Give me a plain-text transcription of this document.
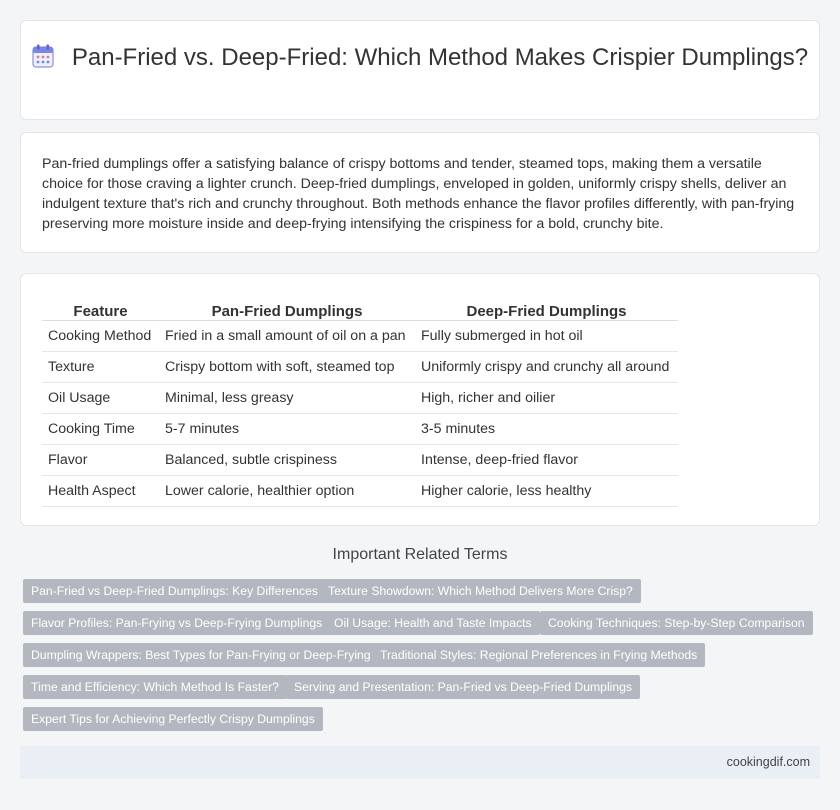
Pan-Fried vs. Deep-Fried: Which Method Makes Crispier Dumplings?

Pan-fried dumplings offer a satisfying balance of crispy bottoms and tender, steamed tops, making them a versatile choice for those craving a lighter crunch. Deep-fried dumplings, enveloped in golden, uniformly crispy shells, deliver an indulgent texture that's rich and crunchy throughout. Both methods enhance the flavor profiles differently, with pan-frying preserving more moisture inside and deep-frying intensifying the crispiness for a bold, crunchy bite.

Feature	Pan-Fried Dumplings	Deep-Fried Dumplings
Cooking Method	Fried in a small amount of oil on a pan	Fully submerged in hot oil
Texture	Crispy bottom with soft, steamed top	Uniformly crispy and crunchy all around
Oil Usage	Minimal, less greasy	High, richer and oilier
Cooking Time	5-7 minutes	3-5 minutes
Flavor	Balanced, subtle crispiness	Intense, deep-fried flavor
Health Aspect	Lower calorie, healthier option	Higher calorie, less healthy
Important Related Terms
Pan-Fried vs Deep-Fried Dumplings: Key Differences Texture Showdown: Which Method Delivers More Crisp?
Flavor Profiles: Pan-Frying vs Deep-Frying Dumplings Oil Usage: Health and Taste Impacts	Cooking Techniques: Step-by-Step Comparison
Dumpling Wrappers: Best Types for Pan-Frying or Deep-Frying Traditional Styles: Regional Preferences in Frying Methods
Time and Efficiency: Which Method Is Faster?	Serving and Presentation: Pan-Fried vs Deep-Fried Dumplings
Expert Tips for Achieving Perfectly Crispy Dumplings
cookingdif.com
